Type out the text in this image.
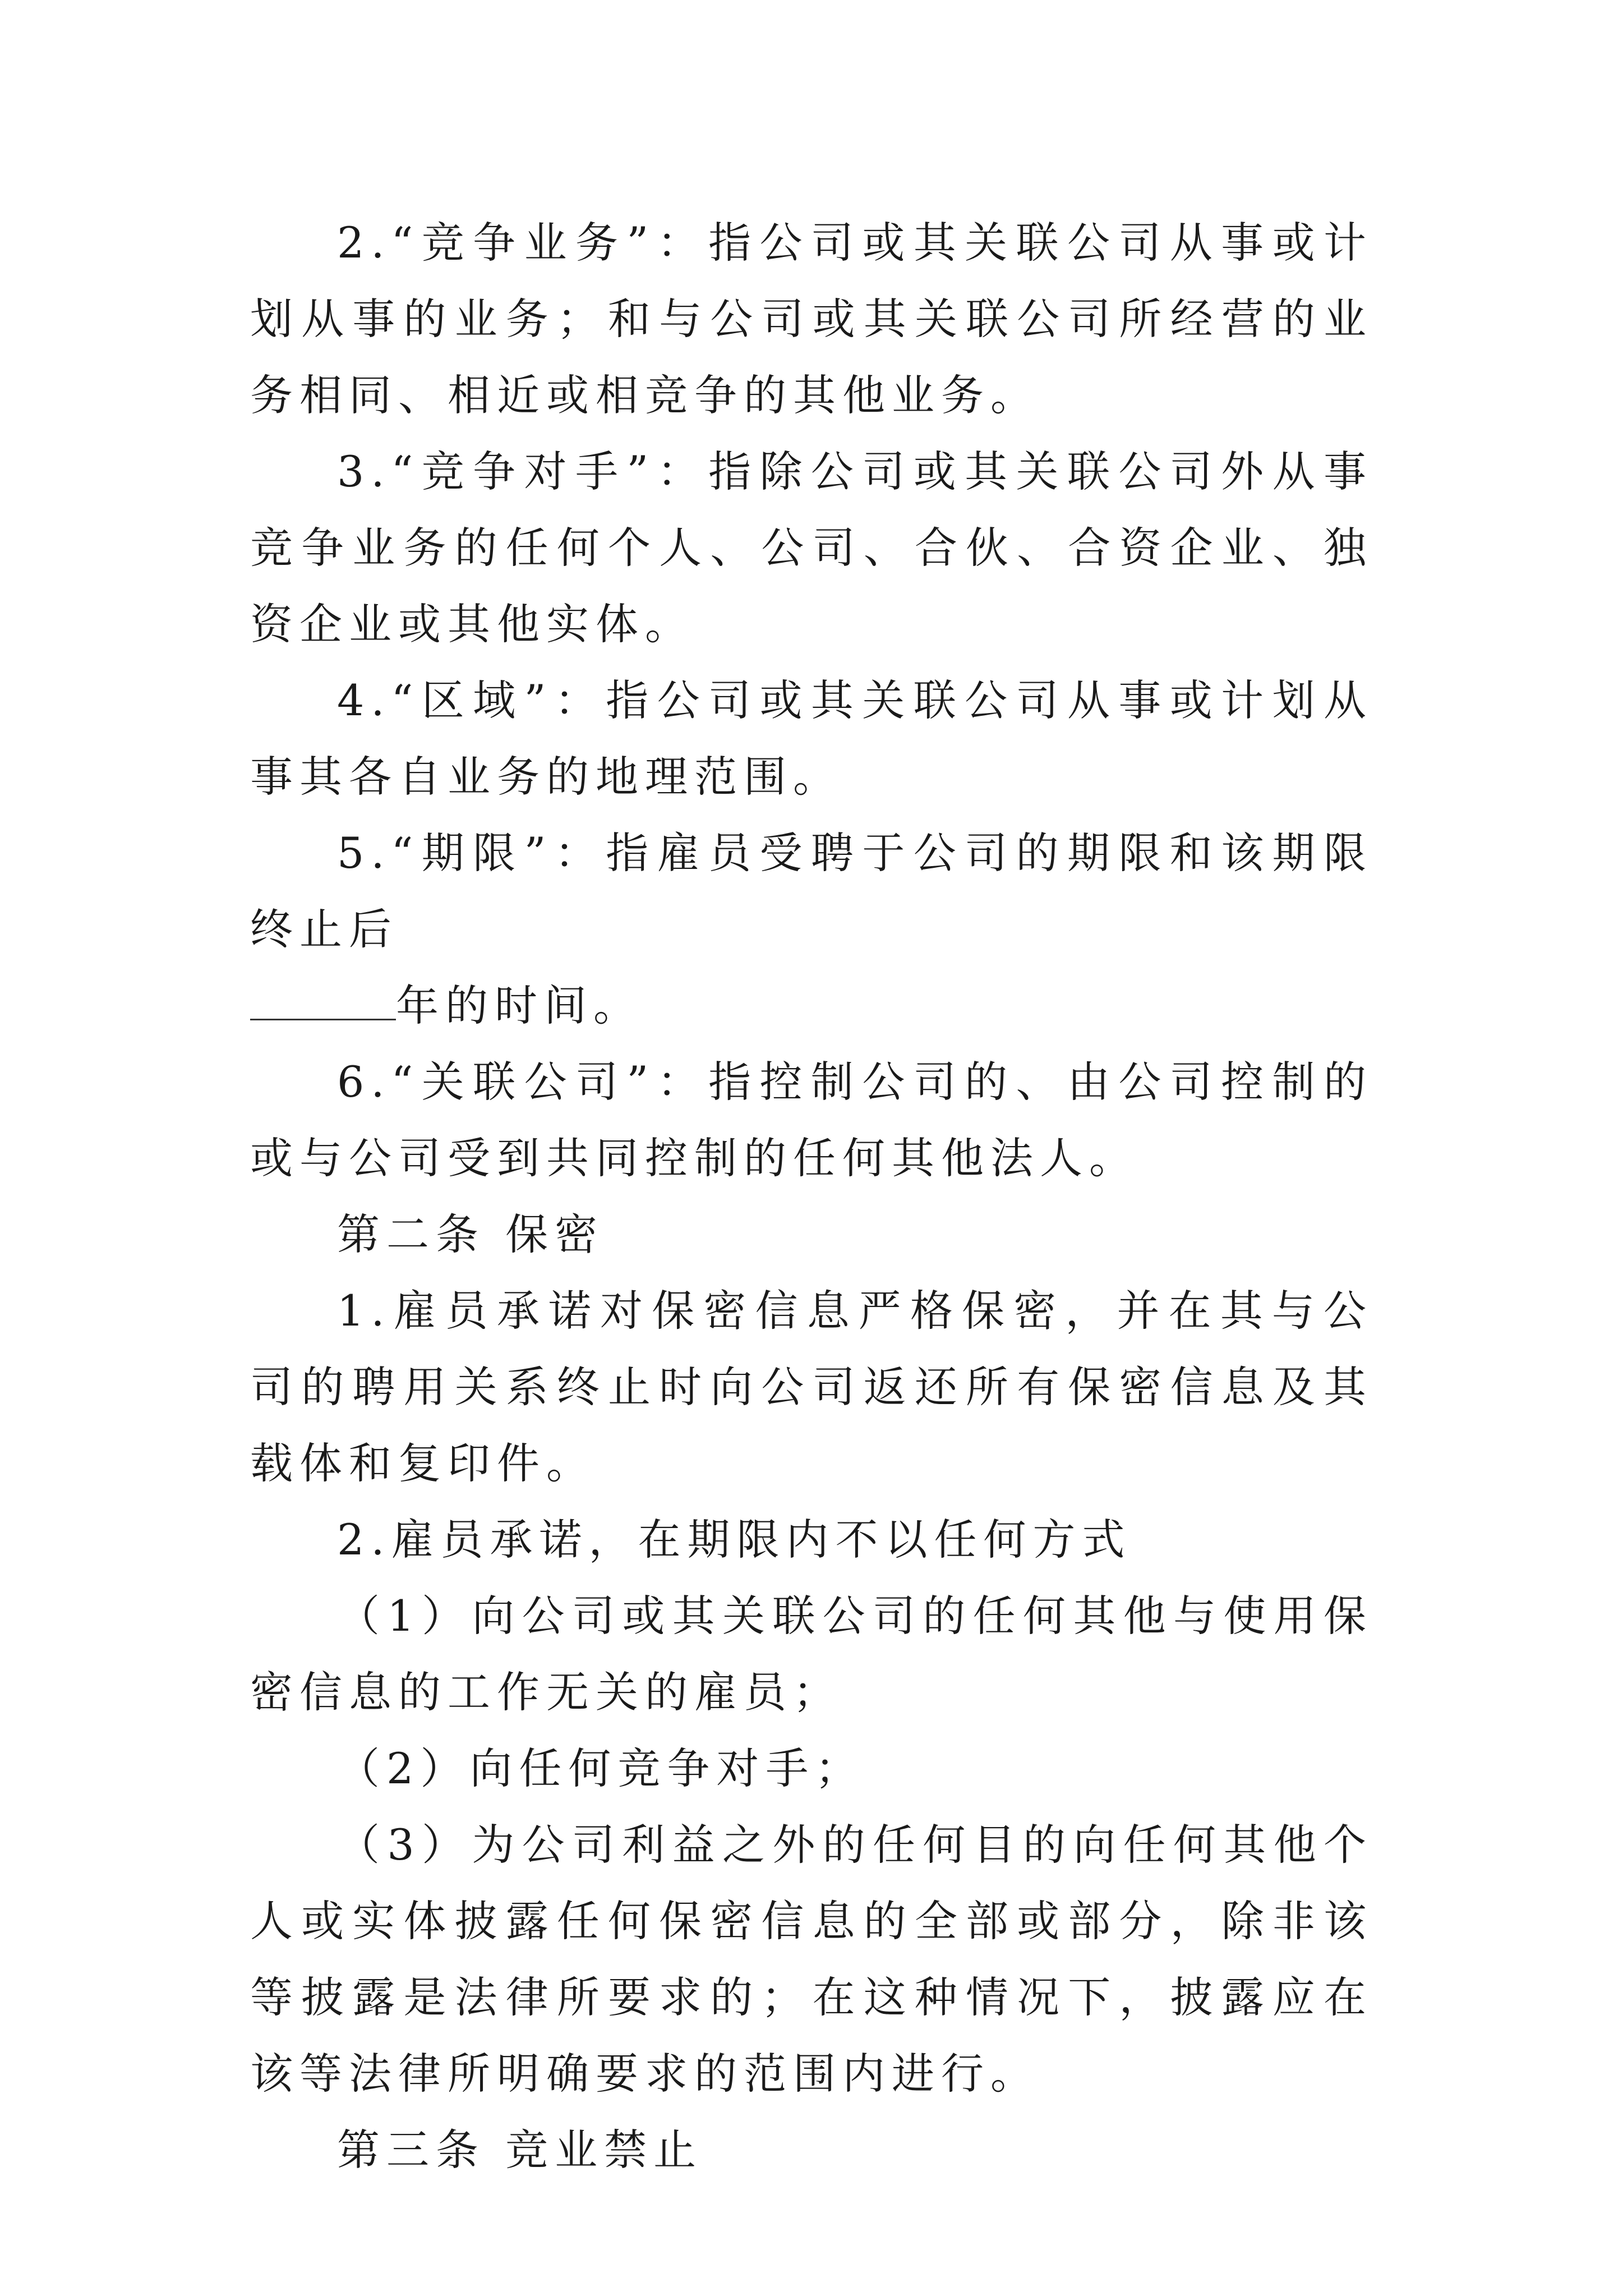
2.“竞争业务”：指公司或其关联公司从事或计划从事的业务；和与公司或其关联公司所经营的业务相同、相近或相竞争的其他业务。

3.“竞争对手”：指除公司或其关联公司外从事竞争业务的任何个人、公司、合伙、合资企业、独资企业或其他实体。

4.“区域”：指公司或其关联公司从事或计划从事其各自业务的地理范围。

5.“期限”：指雇员受聘于公司的期限和该期限终止后

年的时间。

6.“关联公司”：指控制公司的、由公司控制的或与公司受到共同控制的任何其他法人。

第二条 保密

1.雇员承诺对保密信息严格保密，并在其与公司的聘用关系终止时向公司返还所有保密信息及其载体和复印件。

2.雇员承诺，在期限内不以任何方式

（1）向公司或其关联公司的任何其他与使用保密信息的工作无关的雇员；

（2）向任何竞争对手；

（3）为公司利益之外的任何目的向任何其他个人或实体披露任何保密信息的全部或部分，除非该等披露是法律所要求的；在这种情况下，披露应在该等法律所明确要求的范围内进行。

第三条 竞业禁止
